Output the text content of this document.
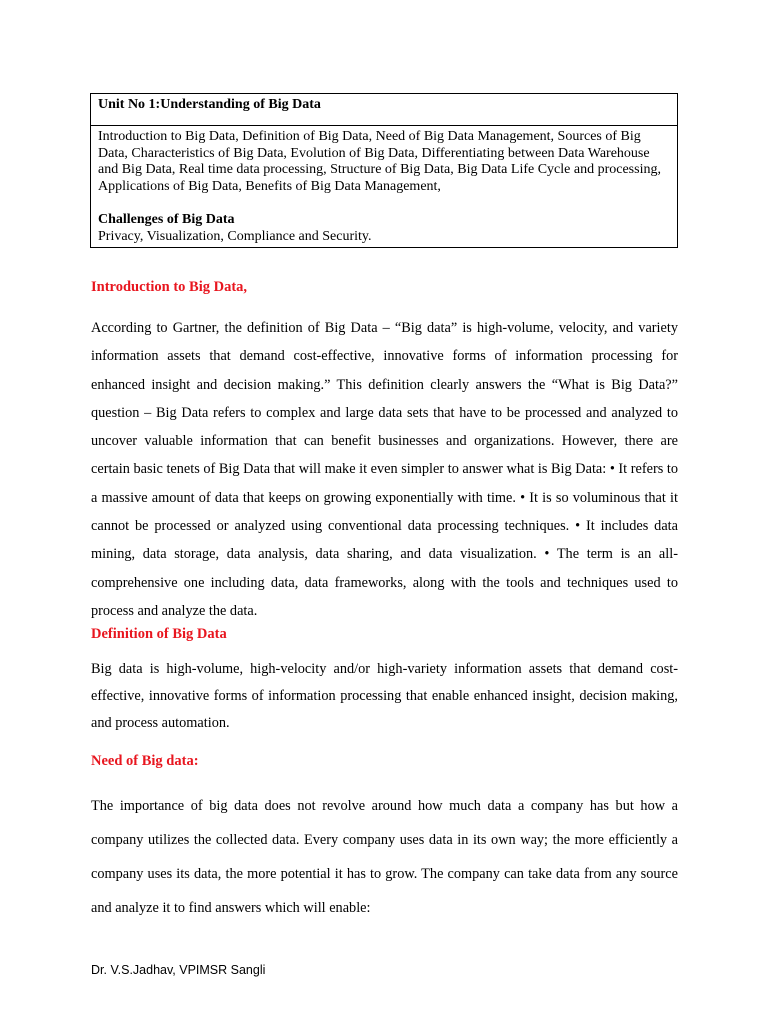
Unit No 1:Understanding of Big Data

Introduction to Big Data, Definition of Big Data, Need of Big Data Management, Sources of Big Data, Characteristics of Big Data, Evolution of Big Data, Differentiating between Data Warehouse and Big Data, Real time data processing, Structure of Big Data, Big Data Life Cycle and processing, Applications of Big Data, Benefits of Big Data Management,

Challenges of Big Data

Privacy, Visualization, Compliance and Security.

Introduction to Big Data,

According to Gartner, the definition of Big Data – “Big data” is high-volume, velocity, and variety information assets that demand cost-effective, innovative forms of information processing for enhanced insight and decision making.” This definition clearly answers the “What is Big Data?” question – Big Data refers to complex and large data sets that have to be processed and analyzed to uncover valuable information that can benefit businesses and organizations. However, there are certain basic tenets of Big Data that will make it even simpler to answer what is Big Data: • It refers to a massive amount of data that keeps on growing exponentially with time. • It is so voluminous that it cannot be processed or analyzed using conventional data processing techniques. • It includes data mining, data storage, data analysis, data sharing, and data visualization. • The term is an all-comprehensive one including data, data frameworks, along with the tools and techniques used to process and analyze the data.

Definition of Big Data

Big data is high-volume, high-velocity and/or high-variety information assets that demand cost-effective, innovative forms of information processing that enable enhanced insight, decision making, and process automation.

Need of Big data:

The importance of big data does not revolve around how much data a company has but how a company utilizes the collected data. Every company uses data in its own way; the more efficiently a company uses its data, the more potential it has to grow. The company can take data from any source and analyze it to find answers which will enable:

Dr. V.S.Jadhav, VPIMSR Sangli
